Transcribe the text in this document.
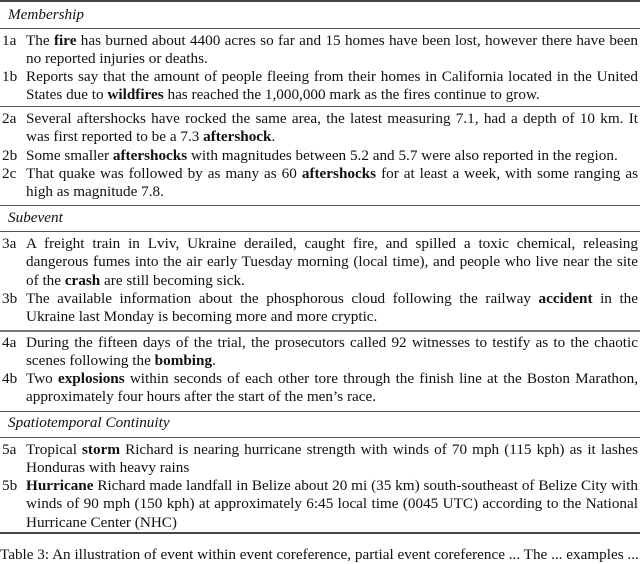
Membership
1a The fire has burned about 4400 acres so far and 15 homes have been lost, however there have been no reported injuries or deaths.
1b Reports say that the amount of people fleeing from their homes in California located in the United States due to wildfires has reached the 1,000,000 mark as the fires continue to grow.
2a Several aftershocks have rocked the same area, the latest measuring 7.1, had a depth of 10 km. It was first reported to be a 7.3 aftershock.
2b Some smaller aftershocks with magnitudes between 5.2 and 5.7 were also reported in the region.
2c That quake was followed by as many as 60 aftershocks for at least a week, with some ranging as high as magnitude 7.8.
Subevent
3a A freight train in Lviv, Ukraine derailed, caught fire, and spilled a toxic chemical, releasing dangerous fumes into the air early Tuesday morning (local time), and people who live near the site of the crash are still becoming sick.
3b The available information about the phosphorous cloud following the railway accident in the Ukraine last Monday is becoming more and more cryptic.
4a During the fifteen days of the trial, the prosecutors called 92 witnesses to testify as to the chaotic scenes following the bombing.
4b Two explosions within seconds of each other tore through the finish line at the Boston Marathon, approximately four hours after the start of the men’s race.
Spatiotemporal Continuity
5a Tropical storm Richard is nearing hurricane strength with winds of 70 mph (115 kph) as it lashes Honduras with heavy rains
5b Hurricane Richard made landfall in Belize about 20 mi (35 km) south-southeast of Belize City with winds of 90 mph (150 kph) at approximately 6:45 local time (0045 UTC) according to the National Hurricane Center (NHC)
Table 3: An illustration of event within event coreference, partial event coreference ... The ... examples ...
